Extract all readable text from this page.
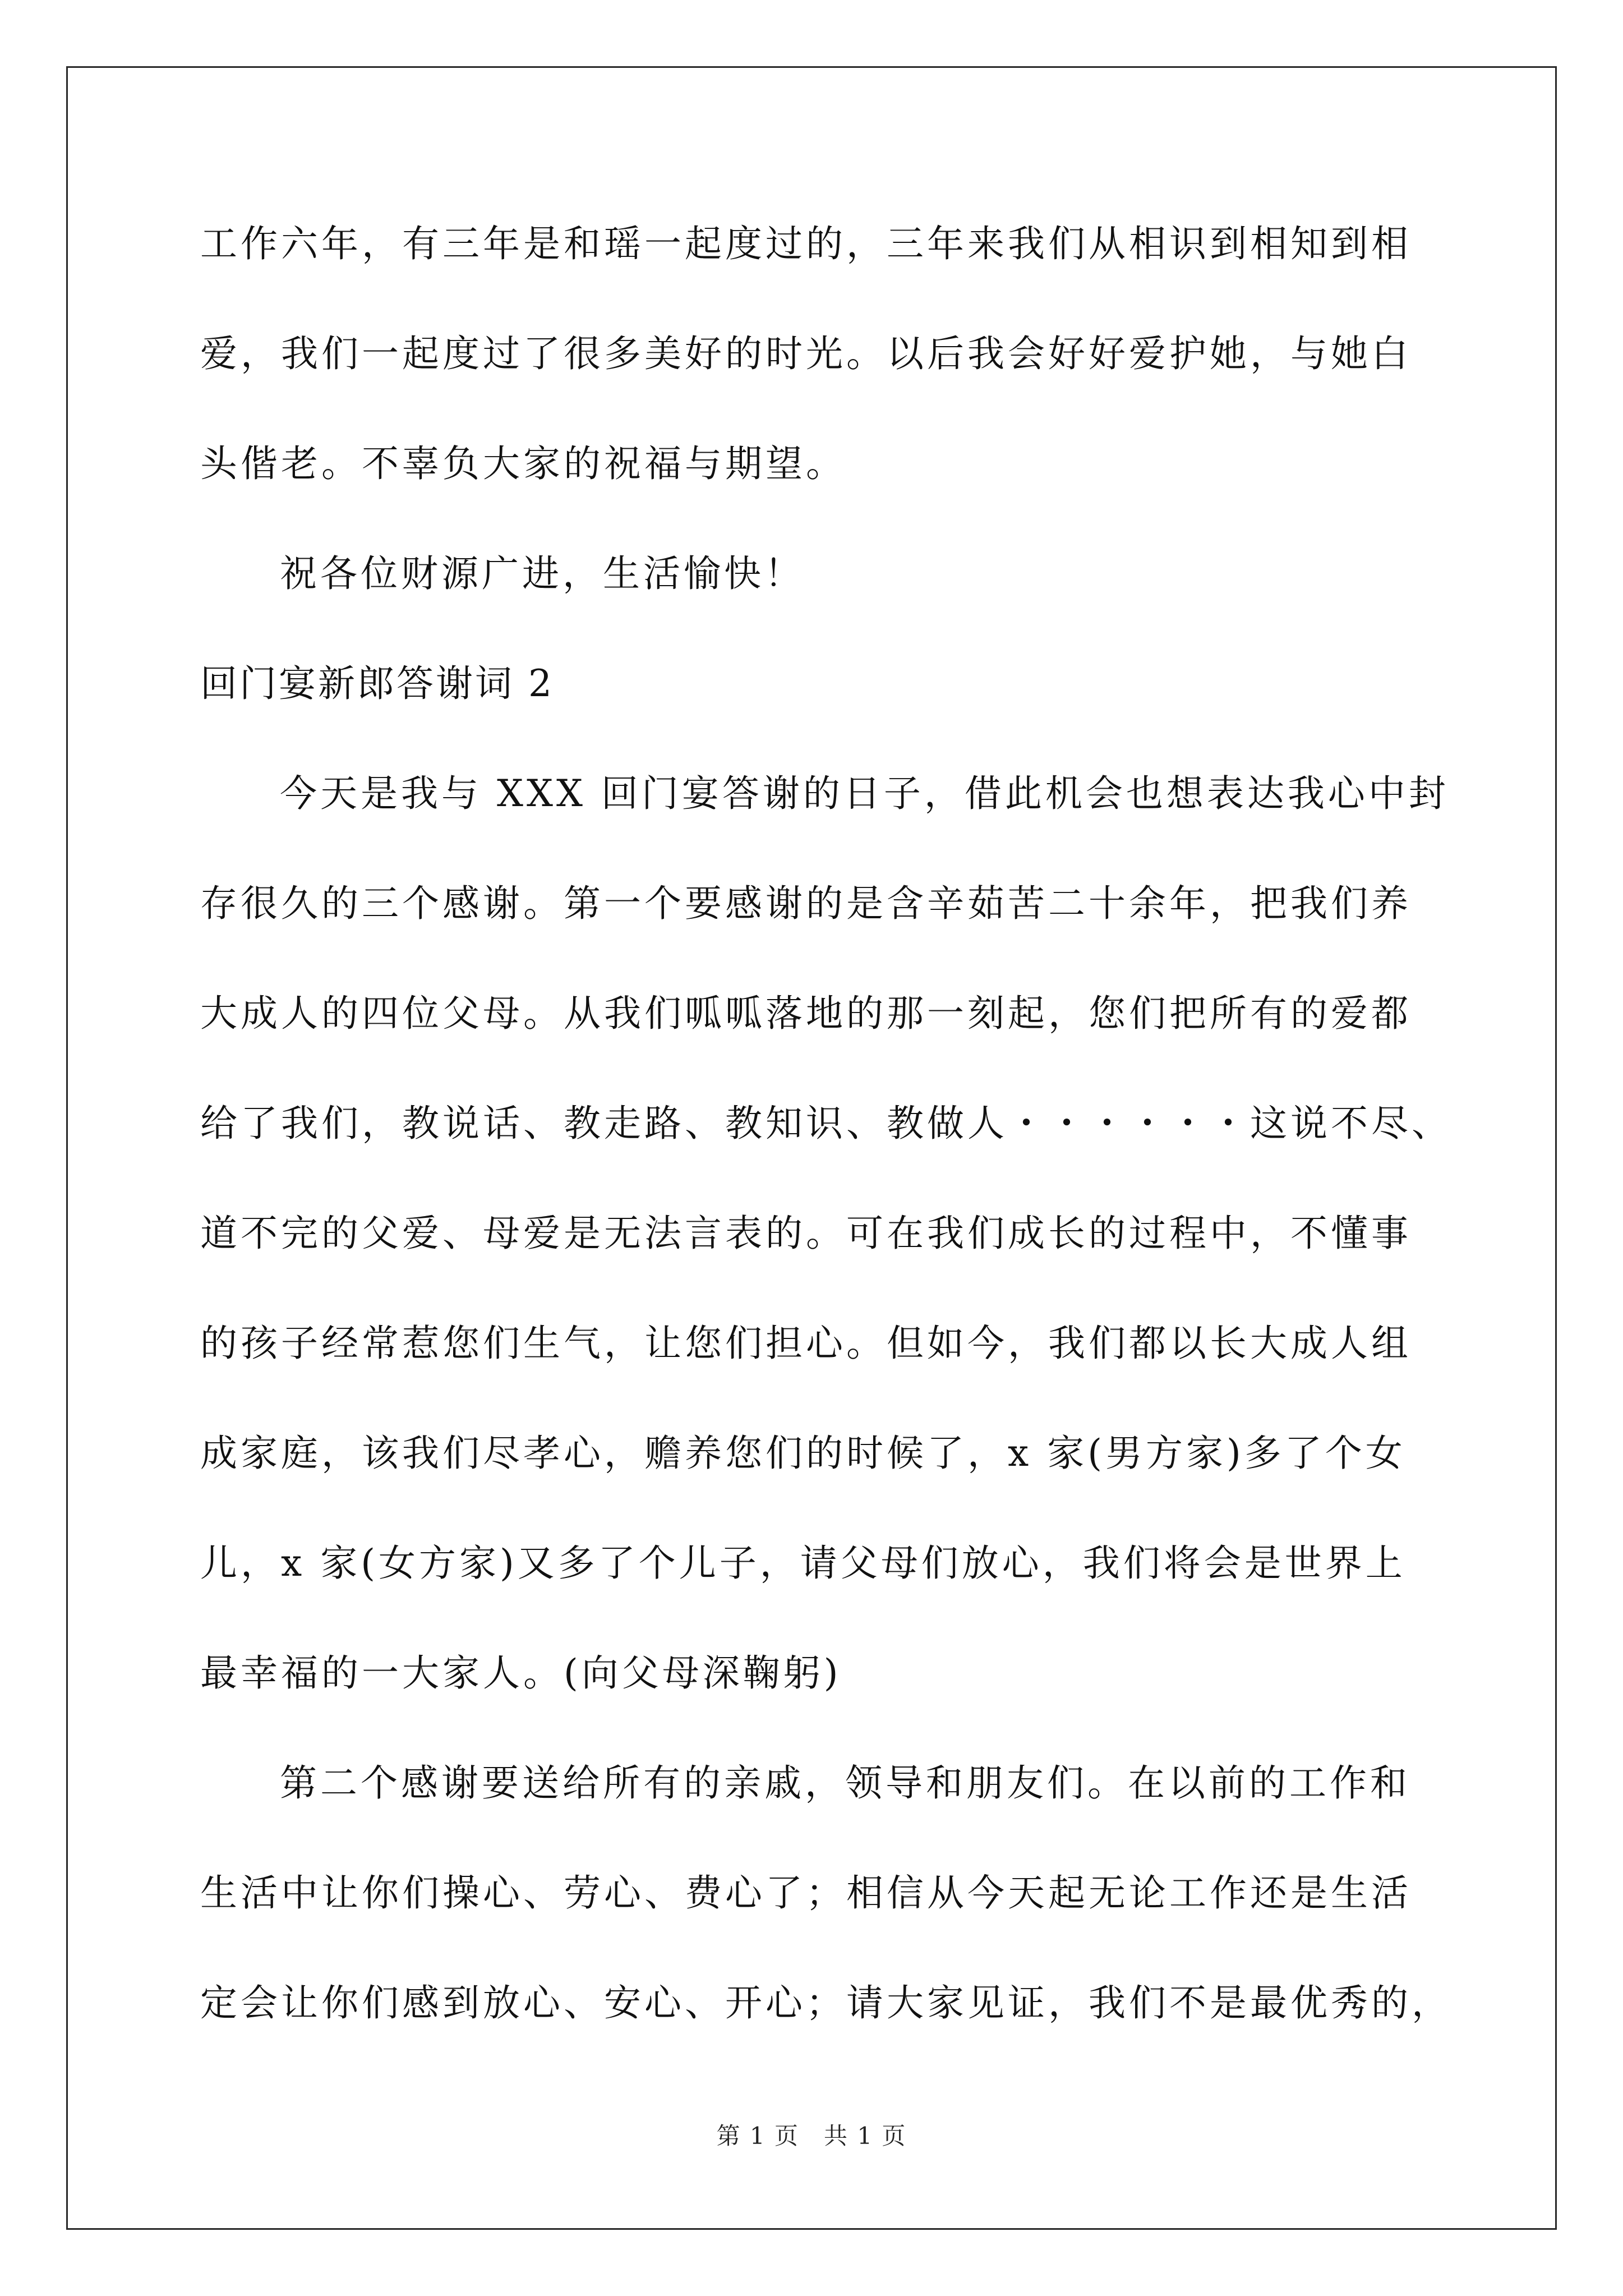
工作六年，有三年是和瑶一起度过的，三年来我们从相识到相知到相
爱，我们一起度过了很多美好的时光。以后我会好好爱护她，与她白
头偕老。不辜负大家的祝福与期望。
祝各位财源广进，生活愉快！
回门宴新郎答谢词 2
今天是我与 XXX 回门宴答谢的日子，借此机会也想表达我心中封
存很久的三个感谢。第一个要感谢的是含辛茹苦二十余年，把我们养
大成人的四位父母。从我们呱呱落地的那一刻起，您们把所有的爱都
给了我们，教说话、教走路、教知识、教做人・・・・・・这说不尽、
道不完的父爱、母爱是无法言表的。可在我们成长的过程中，不懂事
的孩子经常惹您们生气，让您们担心。但如今，我们都以长大成人组
成家庭，该我们尽孝心，赡养您们的时候了，x 家(男方家)多了个女
儿，x 家(女方家)又多了个儿子，请父母们放心，我们将会是世界上
最幸福的一大家人。(向父母深鞠躬)
第二个感谢要送给所有的亲戚，领导和朋友们。在以前的工作和
生活中让你们操心、劳心、费心了；相信从今天起无论工作还是生活
定会让你们感到放心、安心、开心；请大家见证，我们不是最优秀的，
第 1 页　共 1 页
